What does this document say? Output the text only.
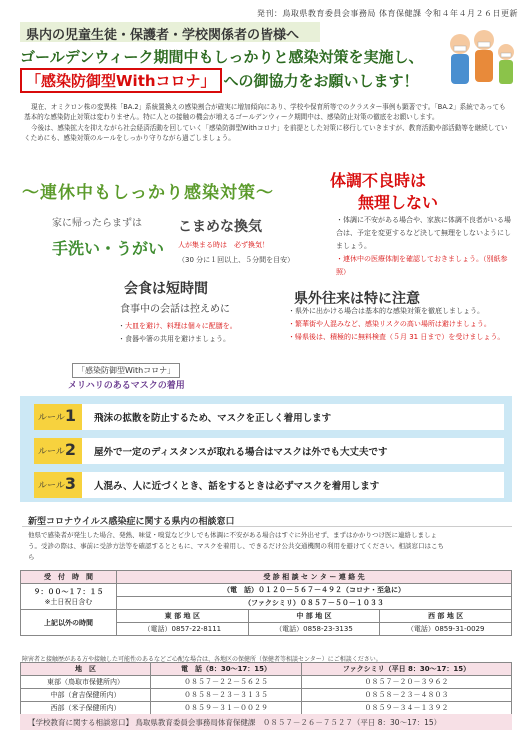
発刊：鳥取県教育委員会事務局 体育保健課 令和４年４月２６日更新
県内の児童生徒・保護者・学校関係者の皆様へ
ゴールデンウィーク期間中もしっかりと感染対策を実施し、
「感染防御型Withコロナ」 への御協力をお願いします！

現在、オミクロン株の変異株「BA.2」系統置換えの感染割合が確実に増加傾向にあり、学校や保育所等でのクラスター事例も顕著です。「BA.2」系統であっても基本的な感染防止対策は変わりません。特に人との接触の機会が増えるゴールデンウィーク期間中は、感染防止対策の徹底をお願いします。

今後は、感染拡大を抑えながら社会経済活動を回していく「感染防御型Withコロナ」を前提とした対策に移行していきますが、教育活動や部活動等を継続していくためにも、感染対策のルールをしっかり守りながら過ごしましょう。

〜連休中もしっかり感染対策〜
家に帰ったらまずは
手洗い・うがい
こまめな換気
人が集まる時は　必ず換気！
（30 分に１回以上、５分間を目安）
会食は短時間
食事中の会話は控えめに
・大皿を避け、料理は個々に配膳を。
・食器や箸の共用を避けましょう。
体調不良時は
無理しない
・体調に不安がある場合や、家族に体調不良者がいる場合は、予定を変更するなど決して無理をしないようにしましょう。
・連休中の医療体制を確認しておきましょう。（別紙参照）
県外往来は特に注意
・県外に出かける場合は基本的な感染対策を徹底しましょう。
・繁華街や人混みなど、感染リスクの高い場所は避けましょう。
・帰県後は、積極的に無料検査（５月 31 日まで）を受けましょう。
「感染防御型Withコロナ」
メリハリのあるマスクの着用
ルール 1 飛沫の拡散を防止するため、マスクを正しく着用します
ルール 2 屋外で一定のディスタンスが取れる場合はマスクは外でも大丈夫です
ルール 3 人混み、人に近づくとき、話をするときは必ずマスクを着用します
新型コロナウイルス感染症に関する県内の相談窓口
他県で感染者が発生した場合、発熱、味覚・嗅覚など少しでも体調に不安がある場合はすぐに外出せず、まずはかかりつけ医に連絡しましょう。受診の際は、事前に受診方法等を確認するとともに、マスクを着用し、できるだけ公共交通機関の利用を避けてください。相談窓口はこちら
受　付　時　間	受 診 相 談 セ ン タ ー 連 絡 先		

９：００〜１７：１５
※土日祝日含む	（電　話）０１２０－５６７－４９２（コロナ・至急に）		
	（ファクシミリ）０８５７－５０－１０３３		
上記以外の時間	東 部 地 区	中 部 地 区	西 部 地 区
	（電話）0857-22-8111	（電話）0858-23-3135	（電話）0859-31-0029
障害者と接触歴がある方や接触した可能性のあるなどご心配な場合は、各地区の保健所（保健者等相談センター）にご相談ください。
地　区	電　話（8：30〜17：15）	ファクシミリ（平日 8：30〜17：15）
東部（鳥取市保健所内）	０８５７－２２－５６２５	０８５７－２０－３９６２
中部（倉吉保健所内）	０８５８－２３－３１３５	０８５８－２３－４８０３
西部（米子保健所内）	０８５９－３１－００２９	０８５９－３４－１３９２
【学校教育に関する相談窓口】 鳥取県教育委員会事務局体育保健課　０８５７－２６－７５２７（平日 8：30〜17：15）
